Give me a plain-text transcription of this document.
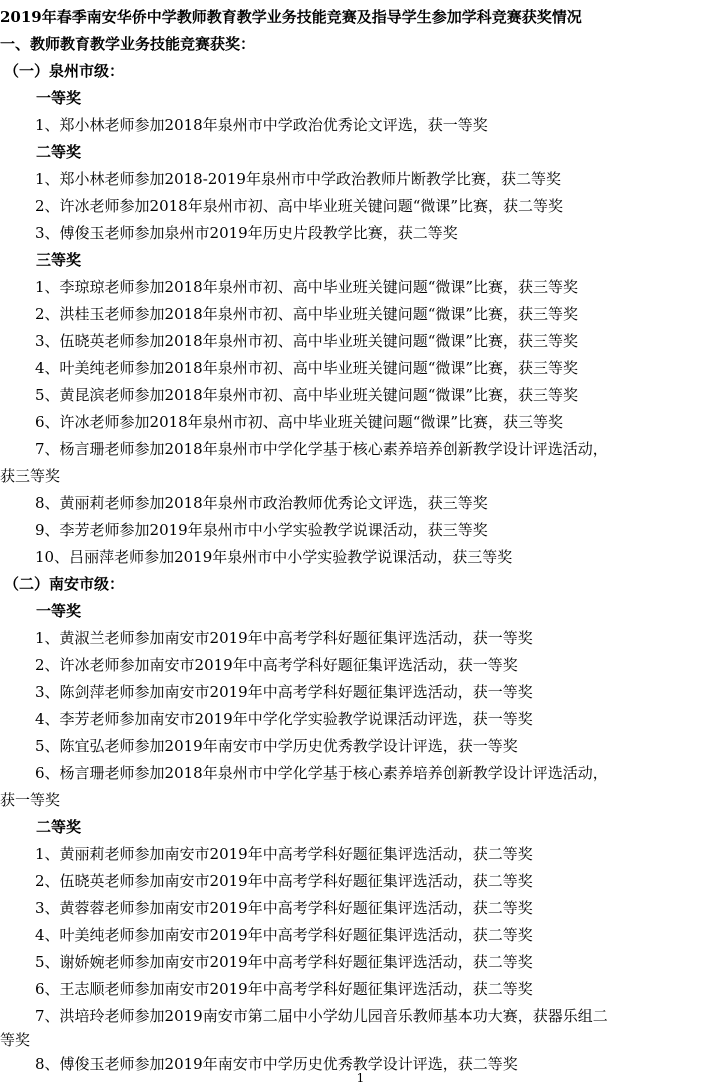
2019年春季南安华侨中学教师教育教学业务技能竞赛及指导学生参加学科竞赛获奖情况
一、教师教育教学业务技能竞赛获奖：
（一）泉州市级：
一等奖
1、郑小林老师参加2018年泉州市中学政治优秀论文评选，获一等奖
二等奖
1、郑小林老师参加2018-2019年泉州市中学政治教师片断教学比赛，获二等奖
2、许冰老师参加2018年泉州市初、高中毕业班关键问题“微课”比赛，获二等奖
3、傅俊玉老师参加泉州市2019年历史片段教学比赛，获二等奖
三等奖
1、李琼琼老师参加2018年泉州市初、高中毕业班关键问题“微课”比赛，获三等奖
2、洪桂玉老师参加2018年泉州市初、高中毕业班关键问题“微课”比赛，获三等奖
3、伍晓英老师参加2018年泉州市初、高中毕业班关键问题“微课”比赛，获三等奖
4、叶美纯老师参加2018年泉州市初、高中毕业班关键问题“微课”比赛，获三等奖
5、黄昆滨老师参加2018年泉州市初、高中毕业班关键问题“微课”比赛，获三等奖
6、许冰老师参加2018年泉州市初、高中毕业班关键问题“微课”比赛，获三等奖
7、杨言珊老师参加2018年泉州市中学化学基于核心素养培养创新教学设计评选活动，
获三等奖
8、黄丽莉老师参加2018年泉州市政治教师优秀论文评选，获三等奖
9、李芳老师参加2019年泉州市中小学实验教学说课活动，获三等奖
10、吕丽萍老师参加2019年泉州市中小学实验教学说课活动，获三等奖
（二）南安市级：
一等奖
1、黄淑兰老师参加南安市2019年中高考学科好题征集评选活动，获一等奖
2、许冰老师参加南安市2019年中高考学科好题征集评选活动，获一等奖
3、陈剑萍老师参加南安市2019年中高考学科好题征集评选活动，获一等奖
4、李芳老师参加南安市2019年中学化学实验教学说课活动评选，获一等奖
5、陈宜弘老师参加2019年南安市中学历史优秀教学设计评选，获一等奖
6、杨言珊老师参加2018年泉州市中学化学基于核心素养培养创新教学设计评选活动，
获一等奖
二等奖
1、黄丽莉老师参加南安市2019年中高考学科好题征集评选活动，获二等奖
2、伍晓英老师参加南安市2019年中高考学科好题征集评选活动，获二等奖
3、黄蓉蓉老师参加南安市2019年中高考学科好题征集评选活动，获二等奖
4、叶美纯老师参加南安市2019年中高考学科好题征集评选活动，获二等奖
5、谢娇婉老师参加南安市2019年中高考学科好题征集评选活动，获二等奖
6、王志顺老师参加南安市2019年中高考学科好题征集评选活动，获二等奖
7、洪培玲老师参加2019南安市第二届中小学幼儿园音乐教师基本功大赛，获器乐组二
等奖
8、傅俊玉老师参加2019年南安市中学历史优秀教学设计评选，获二等奖
1
